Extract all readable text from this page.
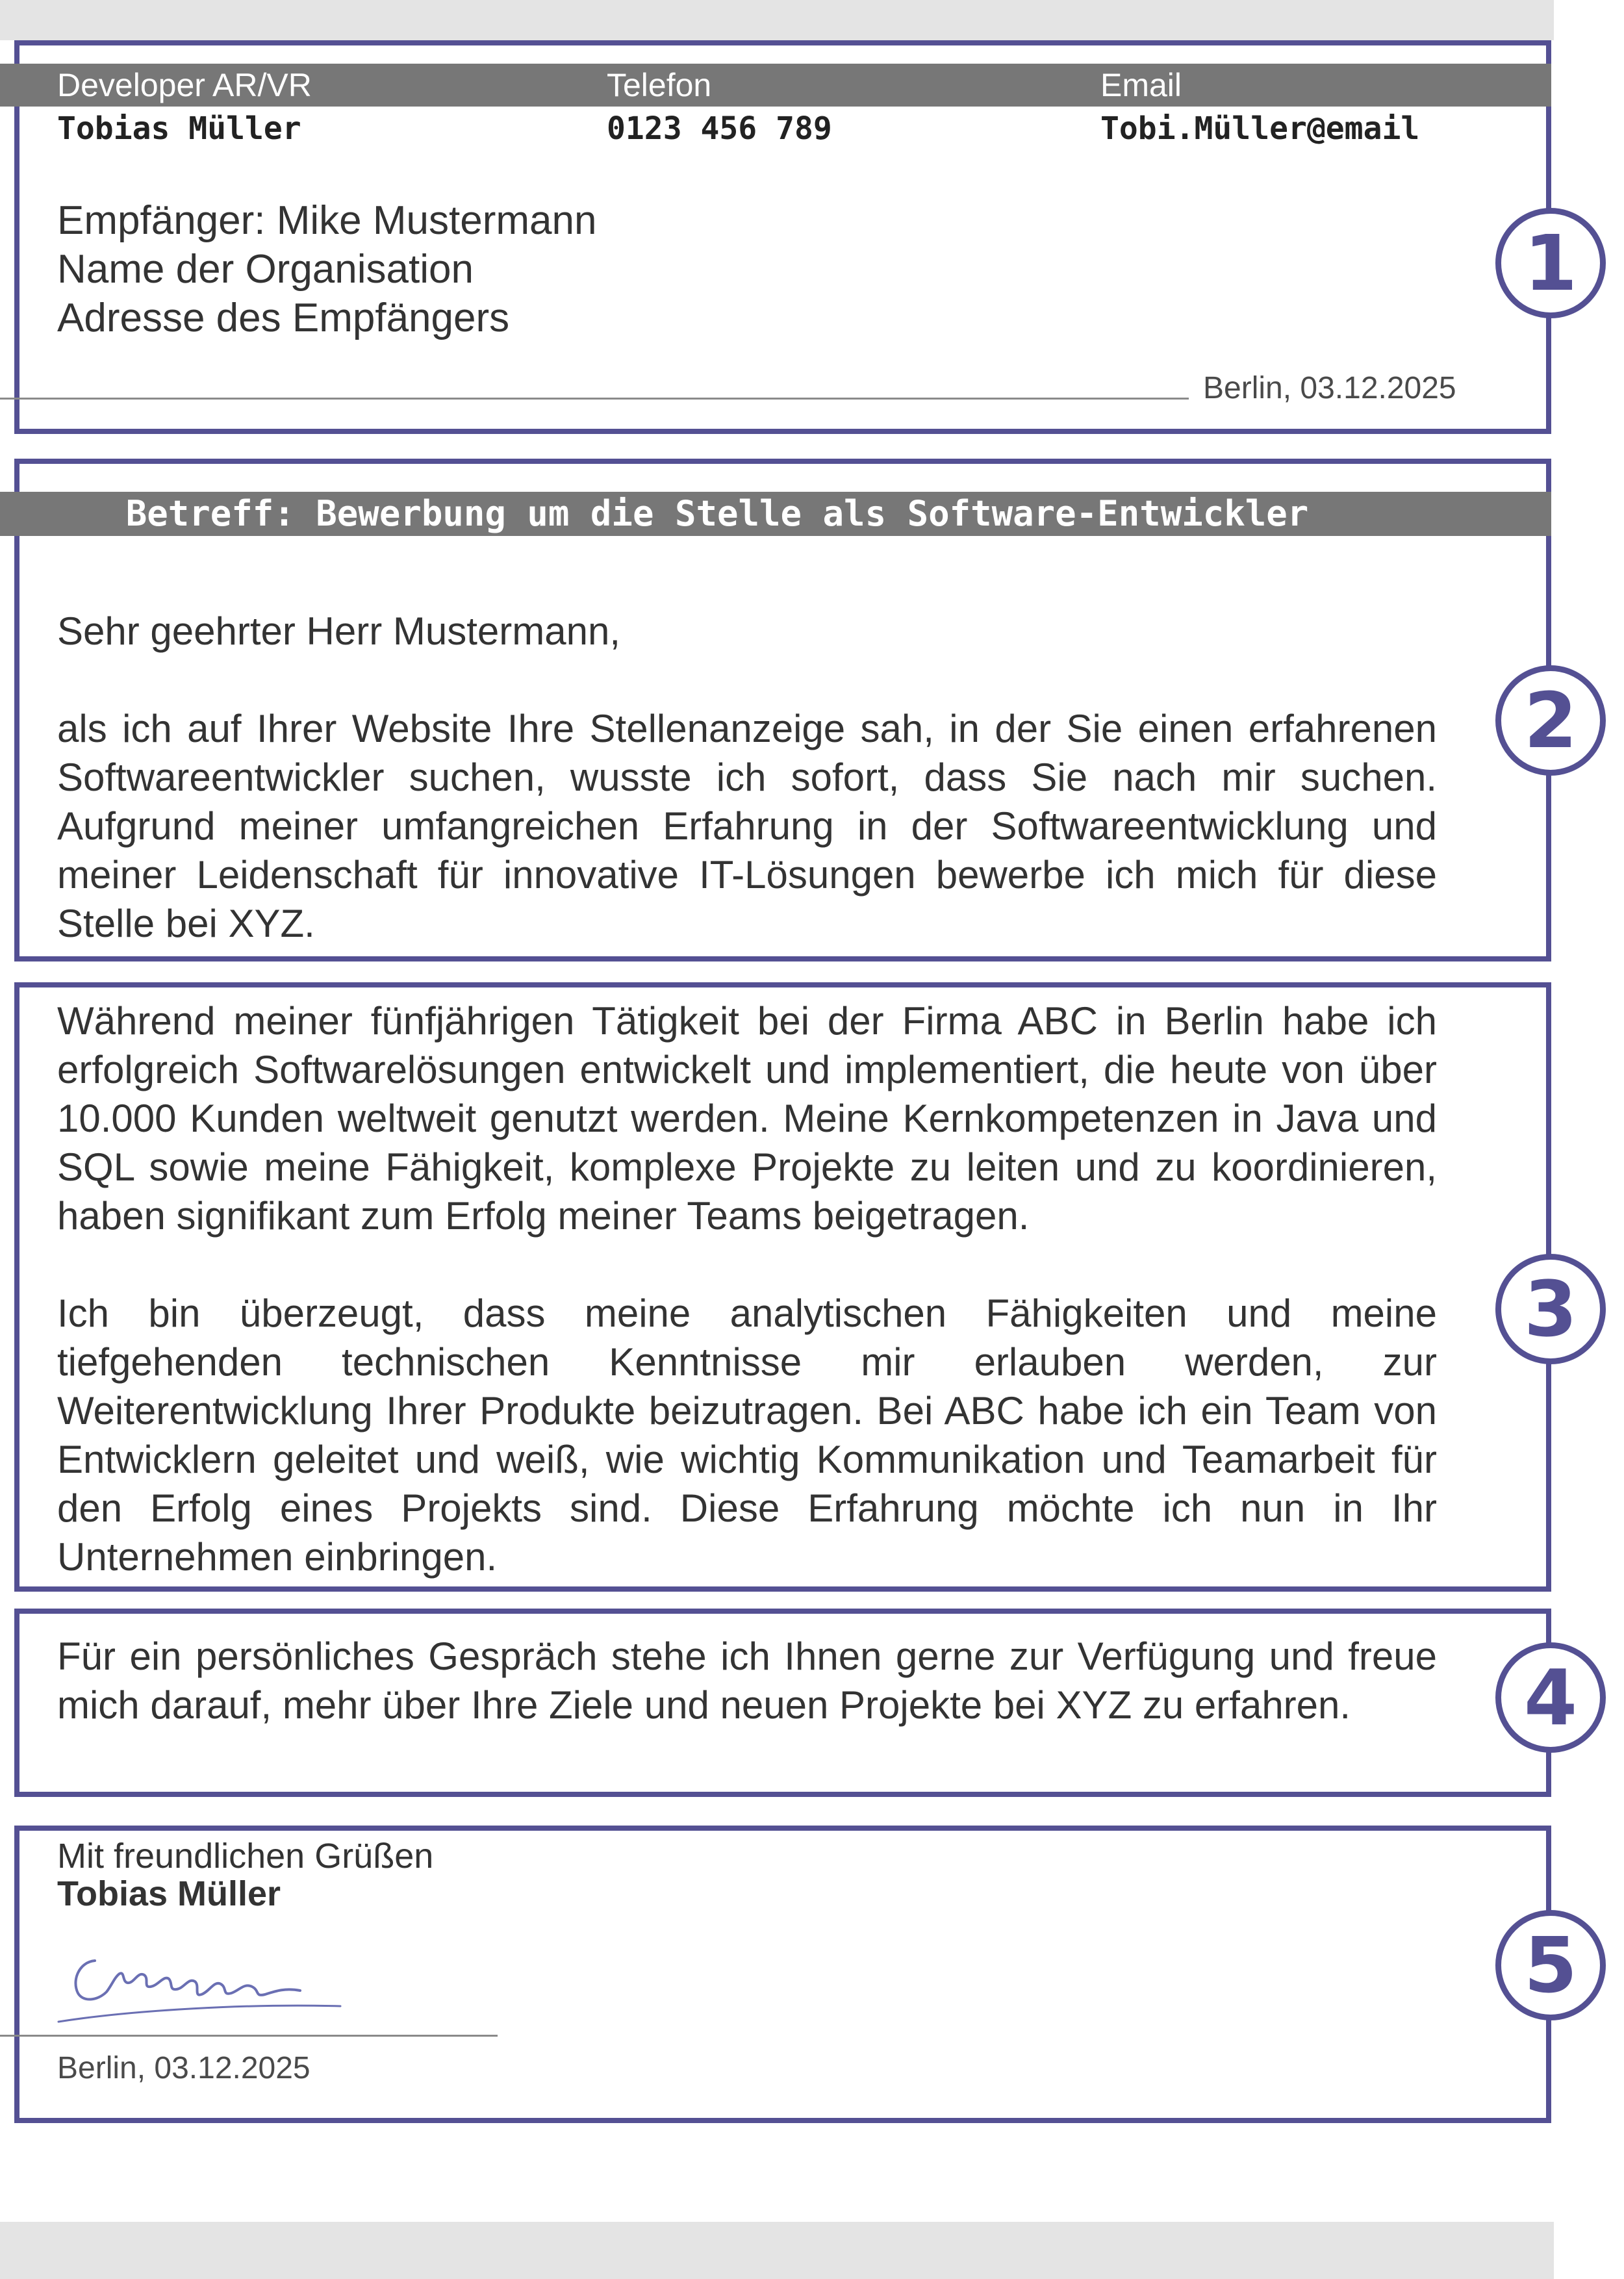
Developer AR/VR	Telefon	Email
Tobias Müller	0123 456 789	Tobi.Müller@email
Empfänger: Mike Mustermann
Name der Organisation
Adresse des Empfängers
Berlin, 03.12.2025
1
Betreff: Bewerbung um die Stelle als Software-Entwickler
Sehr geehrter Herr Mustermann,

als ich auf Ihrer Website Ihre Stellenanzeige sah, in der Sie einen erfahrenen Softwareentwickler suchen, wusste ich sofort, dass Sie nach mir suchen. Aufgrund meiner umfangreichen Erfahrung in der Softwareentwicklung und meiner Leidenschaft für innovative IT-Lösungen bewerbe ich mich für diese Stelle bei XYZ.

2

Während meiner fünfjährigen Tätigkeit bei der Firma ABC in Berlin habe ich erfolgreich Softwarelösungen entwickelt und implementiert, die heute von über 10.000 Kunden weltweit genutzt werden. Meine Kernkompetenzen in Java und SQL sowie meine Fähigkeit, komplexe Projekte zu leiten und zu koordinieren, haben signifikant zum Erfolg meiner Teams beigetragen.

Ich bin überzeugt, dass meine analytischen Fähigkeiten und meine tiefgehenden technischen Kenntnisse mir erlauben werden, zur Weiterentwicklung Ihrer Produkte beizutragen. Bei ABC habe ich ein Team von Entwicklern geleitet und weiß, wie wichtig Kommunikation und Teamarbeit für den Erfolg eines Projekts sind. Diese Erfahrung möchte ich nun in Ihr Unternehmen einbringen.

3

Für ein persönliches Gespräch stehe ich Ihnen gerne zur Verfügung und freue mich darauf, mehr über Ihre Ziele und neuen Projekte bei XYZ zu erfahren.	4
Mit freundlichen Grüßen
Tobias Müller
Berlin, 03.12.2025
5
